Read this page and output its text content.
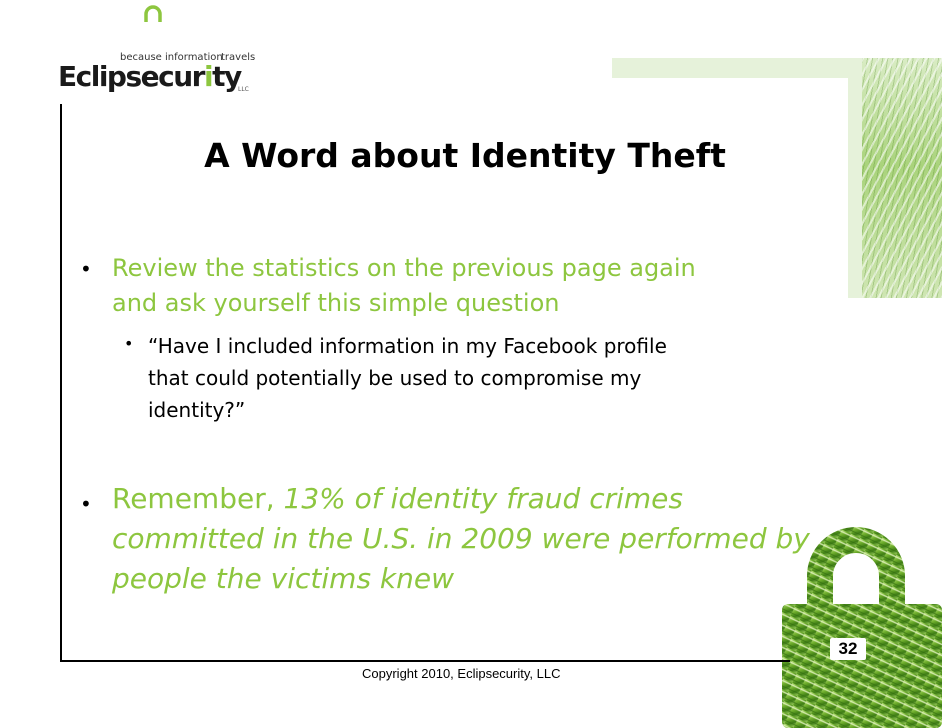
because information
travels
Eclipsecurity
LLC
A Word about Identity Theft
• Review the statistics on the previous page again
and ask yourself this simple question
• “Have I included information in my Facebook profile
that could potentially be used to compromise my
identity?”
• Remember, 13% of identity fraud crimes
committed in the U.S. in 2009 were performed by
people the victims knew
32
Copyright 2010, Eclipsecurity, LLC
